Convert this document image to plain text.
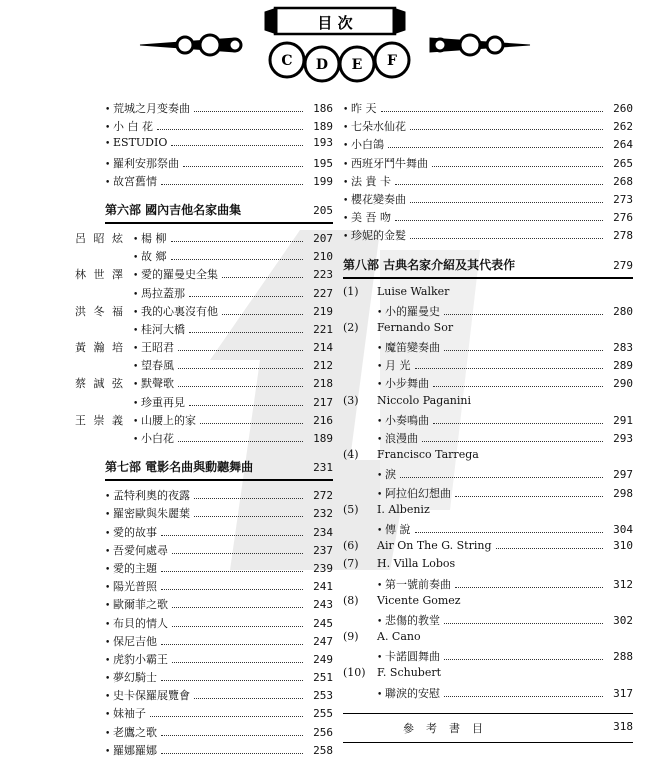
目 次
C D E F
• 荒城之月变奏曲	186
• 小 白 花	189
• ESTUDIO	193
• 羅利安那祭曲	195
• 故宮舊情	199
第六部 國內吉他名家曲集	205
呂 昭 炫 • 楊 柳	207
• 故 鄉	210
林 世 澤 • 愛的羅曼史全集	223
• 馬拉蓋那	227
洪 冬 福 • 我的心裏沒有他	219
• 桂河大橋	221
黃 瀚 培 • 王昭君	214
• 望春風	212
蔡 誠 弦 • 默聲歌	218
• 珍重再見	217
王 崇 義 • 山腰上的家	216
• 小白花	189
第七部 電影名曲與動聽舞曲	231
• 孟特利奧的夜露	272
• 羅密歐與朱麗葉	232
• 愛的故事	234
• 吾愛何處尋	237
• 愛的主題	239
• 陽光普照	241
• 歐爾菲之歌	243
• 布貝的情人	245
• 保尼吉他	247
• 虎豹小霸王	249
• 夢幻騎士	251
• 史卡保羅展覽會	253
• 妹袖子	255
• 老鷹之歌	256
• 羅娜羅娜	258
• 昨 天	260
• 七朵水仙花	262
• 小白鴿	264
• 西班牙鬥牛舞曲	265
• 法 貴 卡	268
• 櫻花變奏曲	273
• 美 吾 吻	276
• 珍妮的金髮	278
第八部 古典名家介紹及其代表作	279
(1)	Luise Walker
• 小的羅曼史	280
(2)	Fernando Sor
• 魔笛變奏曲	283
• 月 光	289
• 小步舞曲	290
(3)	Niccolo Paganini
• 小奏鳴曲	291
• 浪漫曲	293
(4)	Francisco Tarrega
• 淚	297
• 阿拉伯幻想曲	298
(5)	I. Albeniz
• 傳 說	304
(6)	Air On The G. String	310
(7)	H. Villa Lobos
• 第一號前奏曲	312
(8)	Vicente Gomez
• 悲傷的教堂	302
(9)	A. Cano
• 卡諾圓舞曲	288
(10)	F. Schubert
• 聯淚的安慰	317
參考書目	318
